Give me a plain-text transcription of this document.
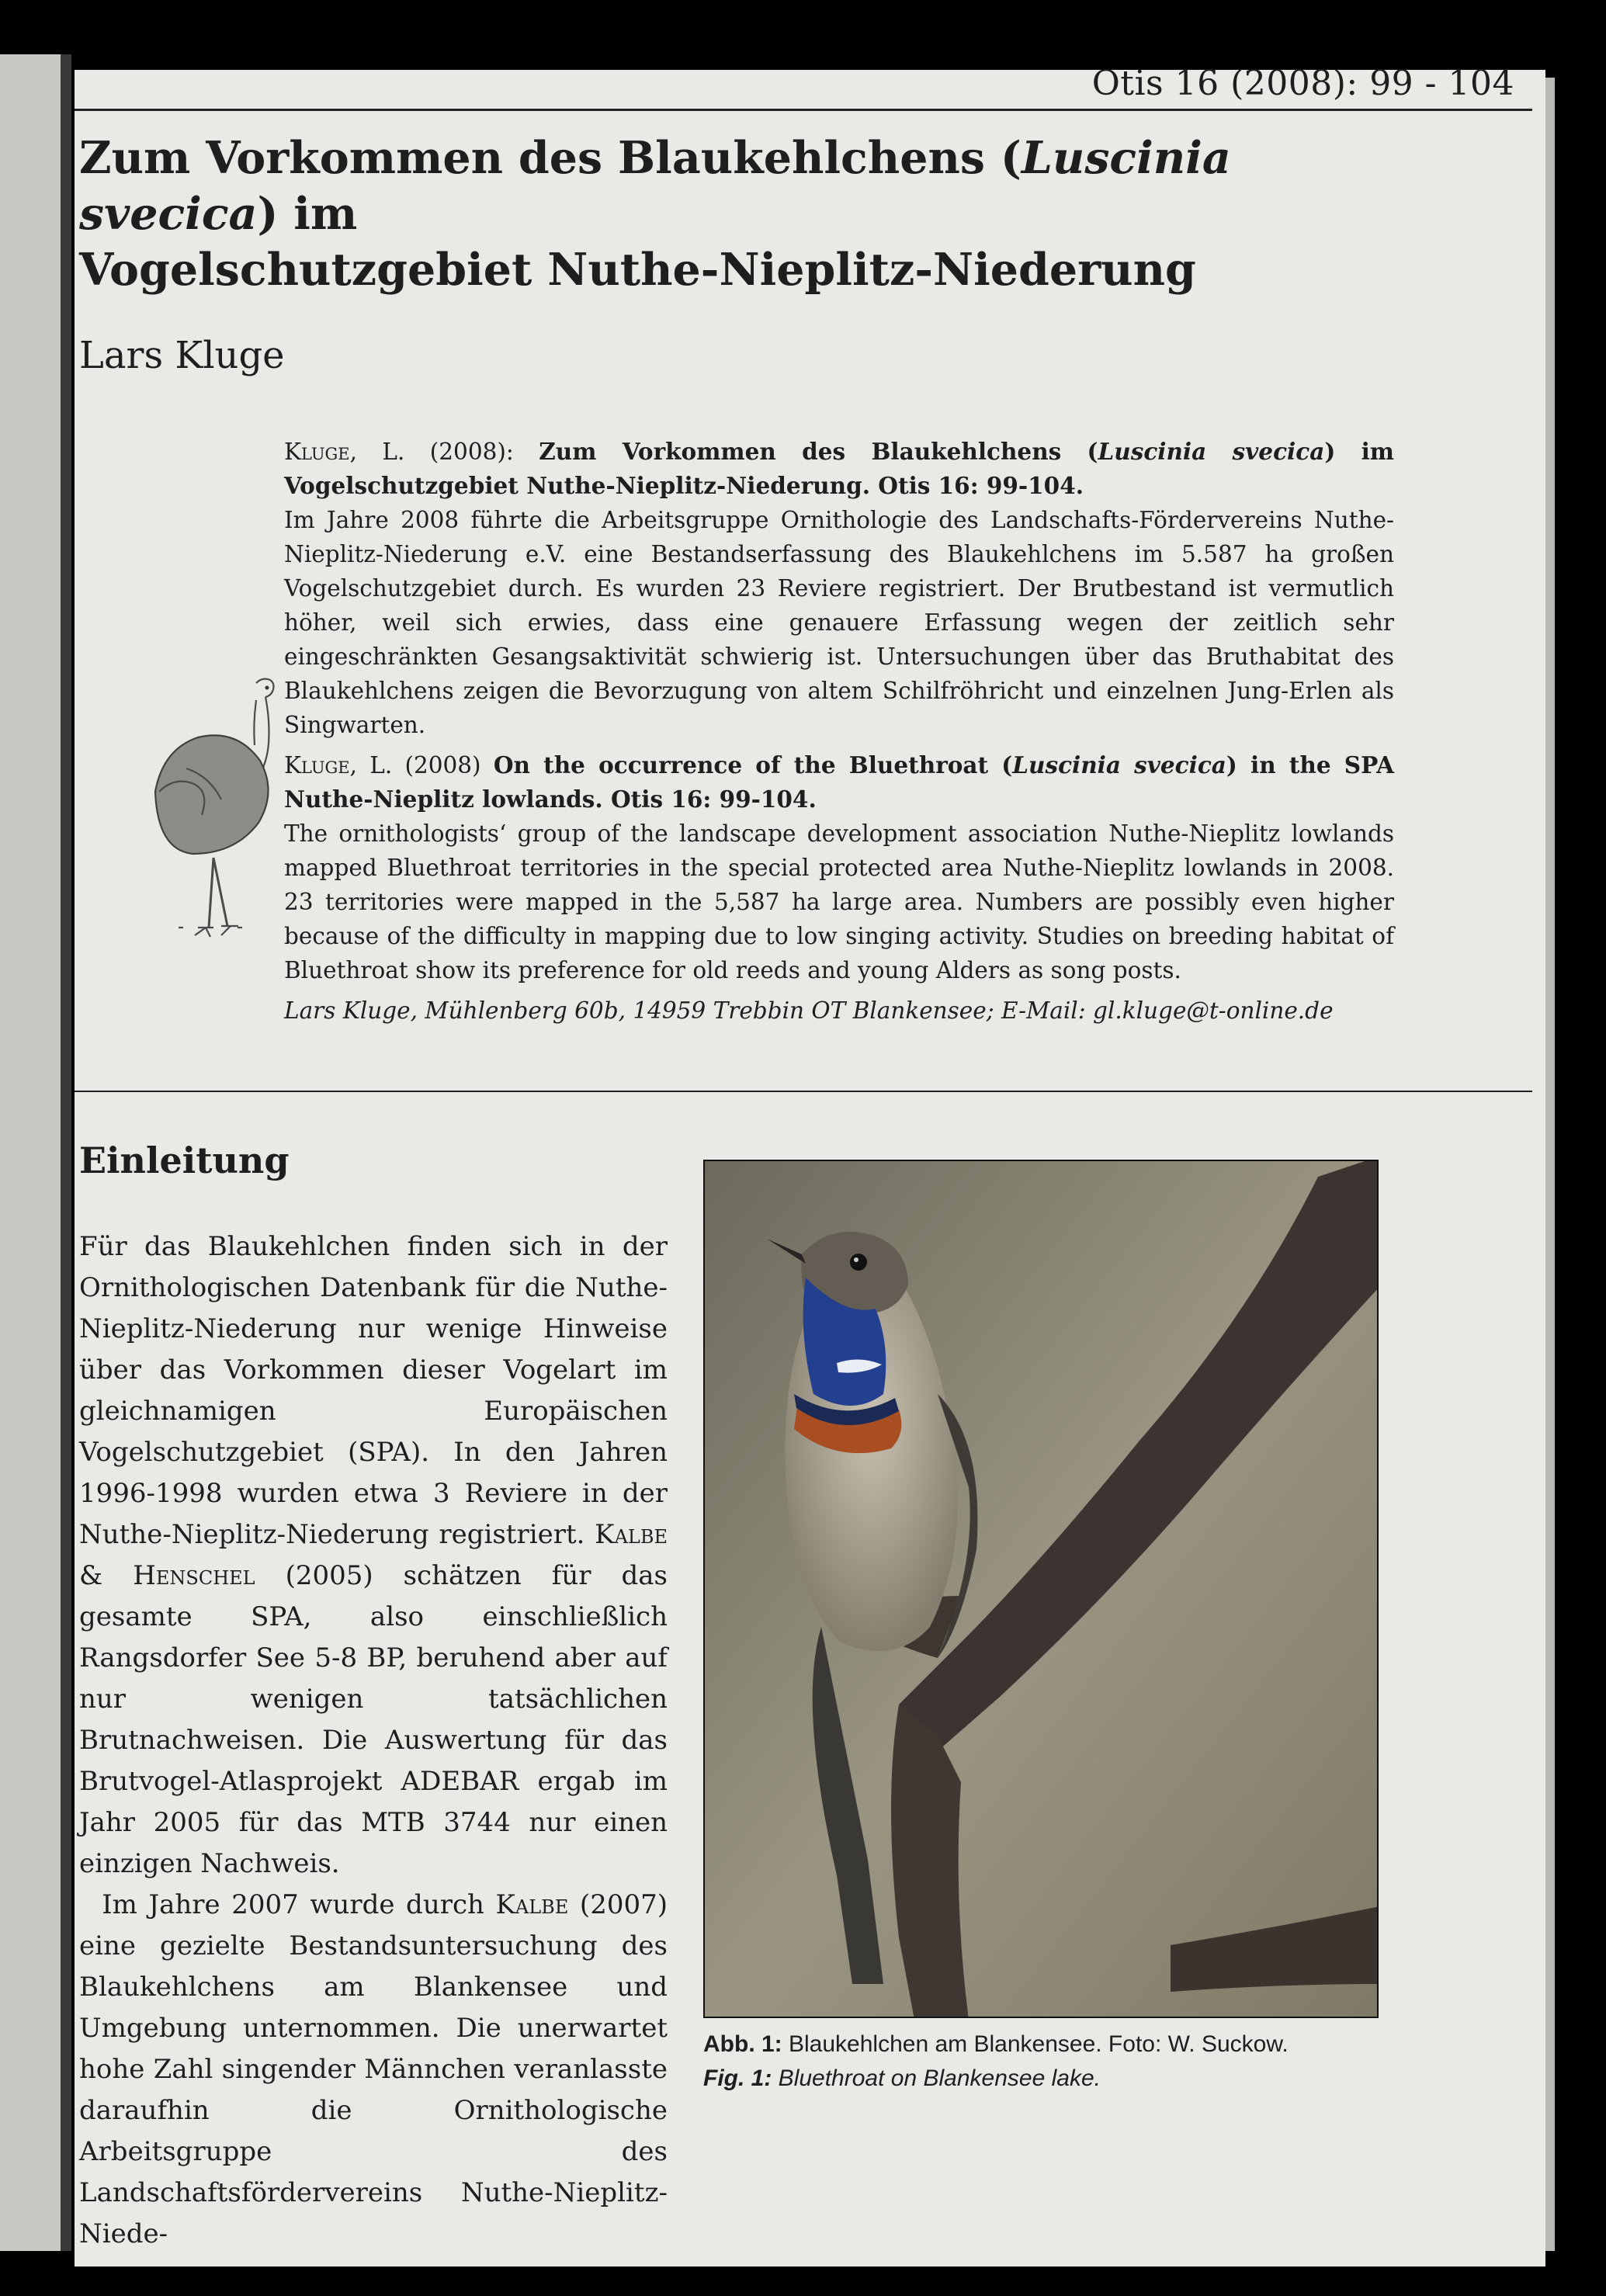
Otis 16 (2008): 99 - 104
Zum Vorkommen des Blaukehlchens (Luscinia svecica) im
Vogelschutzgebiet Nuthe-Nieplitz-Niederung
Lars Kluge

Kluge, L. (2008): Zum Vorkommen des Blaukehlchens (Luscinia svecica) im Vogelschutzgebiet Nuthe-Nieplitz-Niederung. Otis 16: 99-104.
Im Jahre 2008 führte die Arbeitsgruppe Ornithologie des Landschafts-Fördervereins Nuthe-Nieplitz-Niederung e.V. eine Bestandserfassung des Blaukehlchens im 5.587 ha großen Vogelschutzgebiet durch. Es wurden 23 Reviere registriert. Der Brutbestand ist vermutlich höher, weil sich erwies, dass eine genauere Erfassung wegen der zeitlich sehr eingeschränkten Gesangsaktivität schwierig ist. Untersuchungen über das Bruthabitat des Blaukehlchens zeigen die Bevorzugung von altem Schilfröhricht und einzelnen Jung-Erlen als Singwarten.

Kluge, L. (2008) On the occurrence of the Bluethroat (Luscinia svecica) in the SPA Nuthe-Nieplitz lowlands. Otis 16: 99-104.
The ornithologists‘ group of the landscape development association Nuthe-Nieplitz lowlands mapped Bluethroat territories in the special protected area Nuthe-Nieplitz lowlands in 2008. 23 territories were mapped in the 5,587 ha large area. Numbers are possibly even higher because of the difficulty in mapping due to low singing activity. Studies on breeding habitat of Bluethroat show its preference for old reeds and young Alders as song posts.

Lars Kluge, Mühlenberg 60b, 14959 Trebbin OT Blankensee; E-Mail: gl.kluge@t-online.de

Einleitung

Für das Blaukehlchen finden sich in der Ornithologischen Datenbank für die Nuthe-Nieplitz-Niederung nur wenige Hinweise über das Vorkommen dieser Vogelart im gleichnamigen Europäischen Vogelschutzgebiet (SPA). In den Jahren 1996-1998 wurden etwa 3 Reviere in der Nuthe-Nieplitz-Niederung registriert. Kalbe & Henschel (2005) schätzen für das gesamte SPA, also einschließlich Rangsdorfer See 5-8 BP, beruhend aber auf nur wenigen tatsächlichen Brutnachweisen. Die Auswertung für das Brutvogel-Atlasprojekt ADEBAR ergab im Jahr 2005 für das MTB 3744 nur einen einzigen Nachweis.

Im Jahre 2007 wurde durch Kalbe (2007) eine gezielte Bestandsuntersuchung des Blaukehlchens am Blankensee und Umgebung unternommen. Die unerwartet hohe Zahl singender Männchen veranlasste daraufhin die Ornithologische Arbeitsgruppe des Landschaftsfördervereins Nuthe-Nieplitz-Niede-

Abb. 1: Blaukehlchen am Blankensee. Foto: W. Suckow.
Fig. 1: Bluethroat on Blankensee lake.
